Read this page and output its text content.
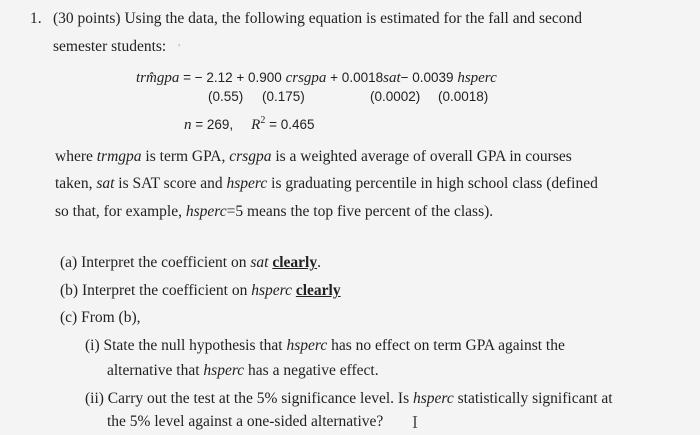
1. (30 points) Using the data, the following equation is estimated for the fall and second
semester students: '
trm̂gpa = − 2.12 + 0.900 crsgpa + 0.0018sat− 0.0039 hsperc
(0.55) (0.175)	(0.0002) (0.0018)
n = 269, $R^2 = 0.465$
where trmgpa is term GPA, crsgpa is a weighted average of overall GPA in courses
taken, sat is SAT score and hsperc is graduating percentile in high school class (defined
so that, for example, hsperc=5 means the top five percent of the class).
(a) Interpret the coefficient on sat clearly.
(b) Interpret the coefficient on hsperc clearly
(c) From (b),
(i) State the null hypothesis that hsperc has no effect on term GPA against the
alternative that hsperc has a negative effect.
(ii) Carry out the test at the 5% significance level. Is hsperc statistically significant at
the 5% level against a one-sided alternative? I
